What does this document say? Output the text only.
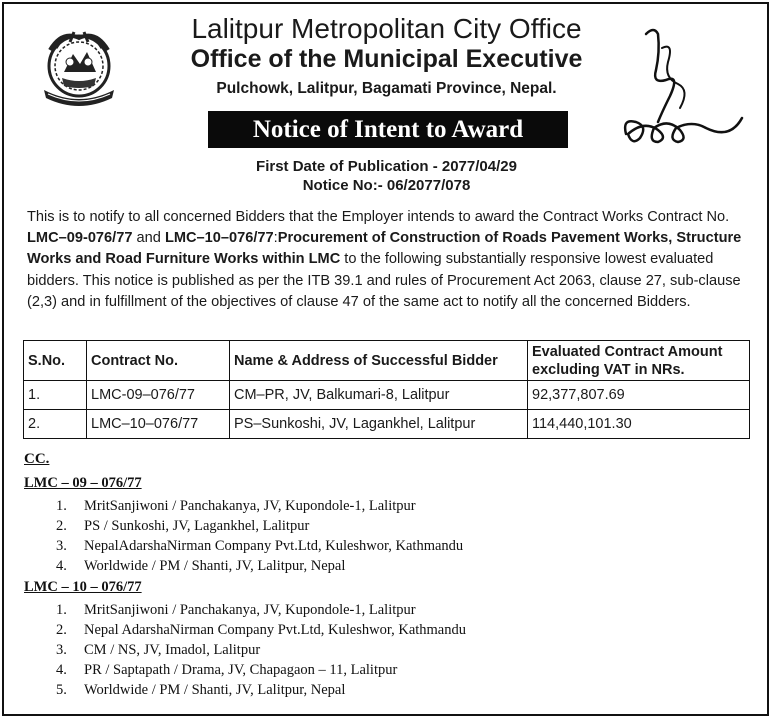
Lalitpur Metropolitan City Office
Office of the Municipal Executive
Pulchowk, Lalitpur, Bagamati Province, Nepal.
Notice of Intent to Award
First Date of Publication - 2077/04/29
Notice No:- 06/2077/078

This is to notify to all concerned Bidders that the Employer intends to award the Contract Works Contract No. LMC–09-076/77 and LMC–10–076/77:Procurement of Construction of Roads Pavement Works, Structure Works and Road Furniture Works within LMC to the following substantially responsive lowest evaluated bidders. This notice is published as per the ITB 39.1 and rules of Procurement Act 2063, clause 27, sub-clause (2,3) and in fulfillment of the objectives of clause 47 of the same act to notify all the concerned Bidders.

S.No.	Contract No.	Name & Address of Successful Bidder	Evaluated Contract Amount excluding VAT in NRs.
1.	LMC-09–076/77	CM–PR, JV, Balkumari-8, Lalitpur	92,377,807.69
2.	LMC–10–076/77	PS–Sunkoshi, JV, Lagankhel, Lalitpur	114,440,101.30
CC.
LMC – 09 – 076/77
1. MritSanjiwoni / Panchakanya, JV, Kupondole-1, Lalitpur
2. PS / Sunkoshi, JV, Lagankhel, Lalitpur
3. NepalAdarshaNirman Company Pvt.Ltd, Kuleshwor, Kathmandu
4. Worldwide / PM / Shanti, JV, Lalitpur, Nepal
LMC – 10 – 076/77
1. MritSanjiwoni / Panchakanya, JV, Kupondole-1, Lalitpur
2. Nepal AdarshaNirman Company Pvt.Ltd, Kuleshwor, Kathmandu
3. CM / NS, JV, Imadol, Lalitpur
4. PR / Saptapath / Drama, JV, Chapagaon – 11, Lalitpur
5. Worldwide / PM / Shanti, JV, Lalitpur, Nepal
